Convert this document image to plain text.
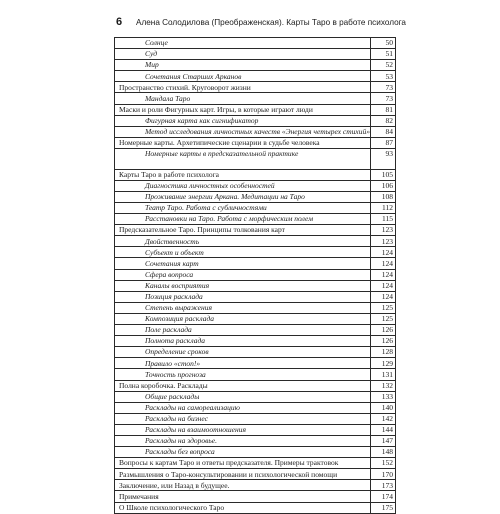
6 Алена Солодилова (Преображенская). Карты Таро в работе психолога
Солнце	50
Суд	51
Мир	52
Сочетания Старших Арканов	53
Пространство стихий. Круговорот жизни	73
Мандала Таро	73
Маски и роли Фигурных карт. Игры, в которые играют люди	81
Фигурная карта как сигнификатор	82
Метод исследования личностных качеств «Энергия четырех стихий»	84
Номерные карты. Архетипические сценарии в судьбе человека	87
Номерные карты в предсказательной практике	93
Карты Таро в работе психолога	105
Диагностика личностных особенностей	106
Проживание энергии Аркана. Медитации на Таро	108
Театр Таро. Работа с субличностями	112
Расстановки на Таро. Работа с морфическим полем	115
Предсказательное Таро. Принципы толкования карт	123
Двойственность	123
Субъект и объект	124
Сочетания карт	124
Сфера вопроса	124
Каналы восприятия	124
Позиция расклада	124
Степень выражения	125
Композиция расклада	125
Поле расклада	126
Полнота расклада	126
Определение сроков	128
Правило «стоп!»	129
Точность прогноза	131
Полна коробочка. Расклады	132
Общие расклады	133
Расклады на самореализацию	140
Расклады на бизнес	142
Расклады на взаимоотношения	144
Расклады на здоровье.	147
Расклады без вопроса	148
Вопросы к картам Таро и ответы предсказателя. Примеры трактовок	152
Размышления о Таро-консультировании и психологической помощи	170
Заключение, или Назад в будущее.	173
Примечания	174
О Школе психологического Таро	175
